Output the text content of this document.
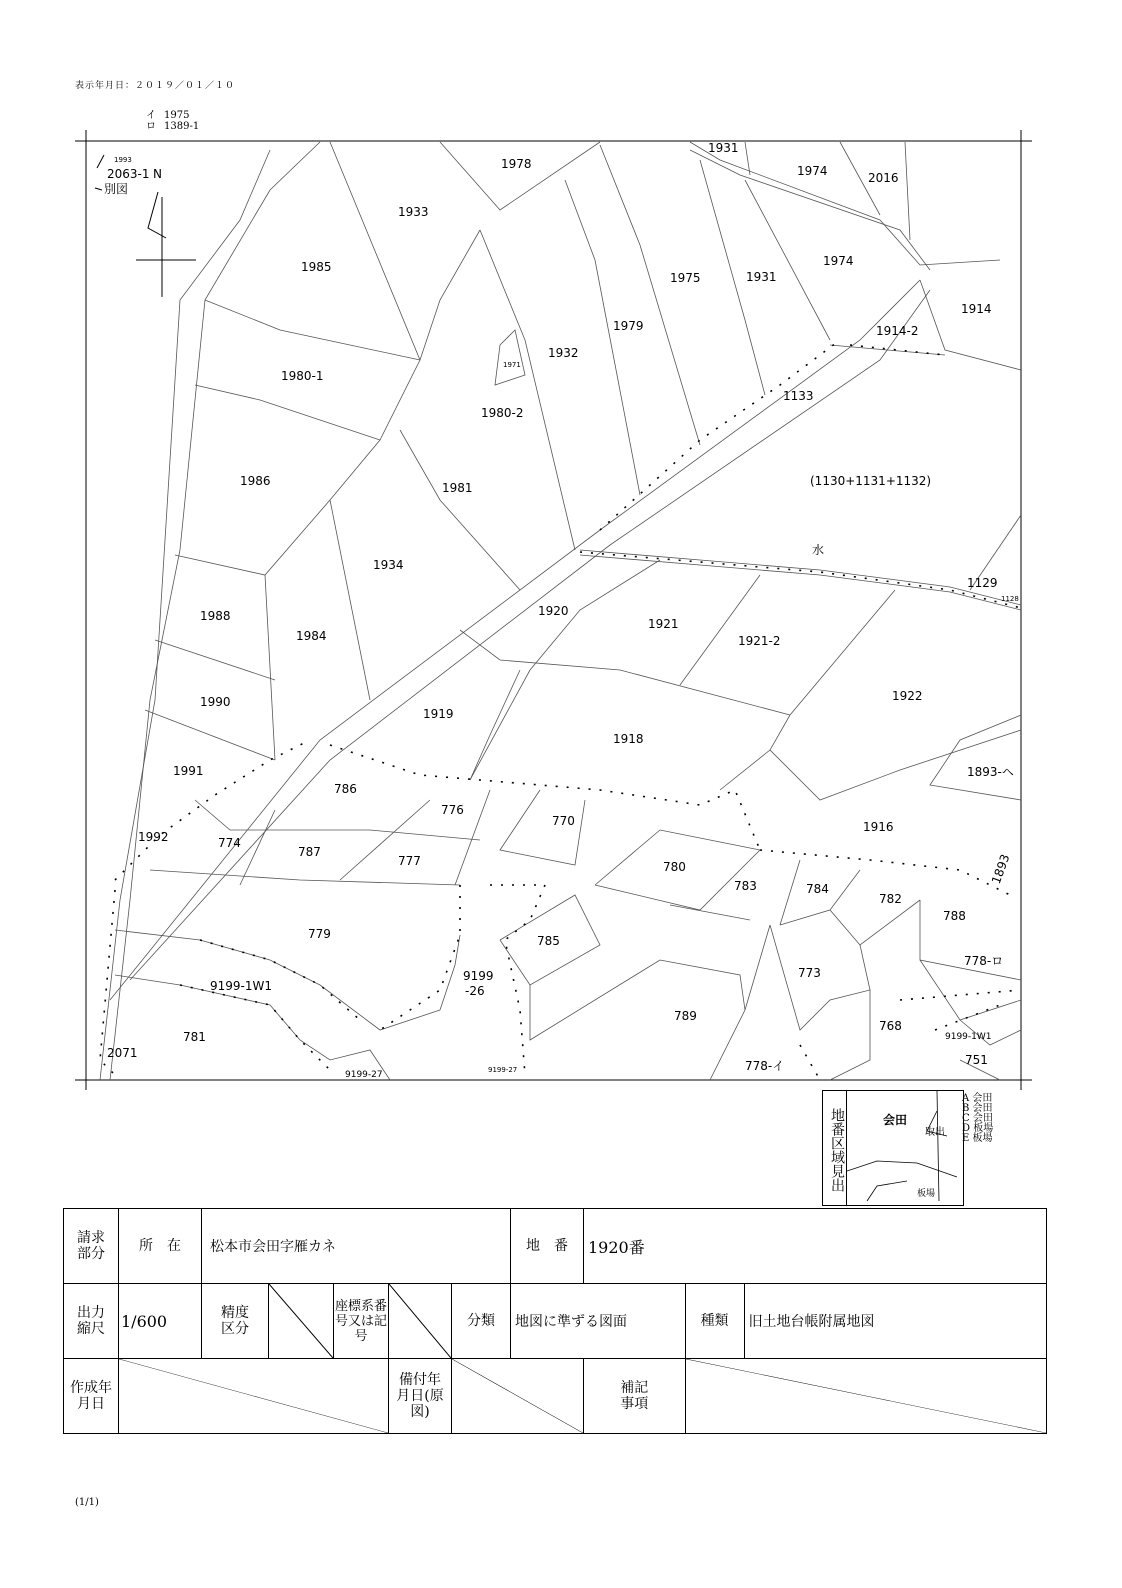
表示年月日：２０１９／０１／１０
イ 1975
ロ 1389-1
N
2063-1
別図
1978
1931
1974	2016
1933
1985
1975	1931
1974
1914
1914-2
1979
1932
1971
1980-1
1980-2
1133
(1130+1131+1132)
1986	1981
1934
水
1129
1128
1988
1984
1920
1921
1921-2
1922
1990
1919
1918
1991
786
776
770
1893-ヘ
1916
1992	774
787
777	780
783	784
782
1893
788
779	785
9199
-26
773
778-ロ
9199-1W1
789
768
9199-1W1
781
751
2071
778-イ
9199-27	9199-27
1993
地番区域見出	会田
取出
板場
A 会田
B 会田
C 会田
D 板場
E 板場
請求部分	所　在	松本市会田字雁カネ					地　番	1920番		

出力縮尺	1/600	精度区分		座標系番号又は記号		分類	地図に準ずる図面		種類	旧土地台帳附属地図

作成年月日					備付年月日(原図)			補記事項

(1/1)
